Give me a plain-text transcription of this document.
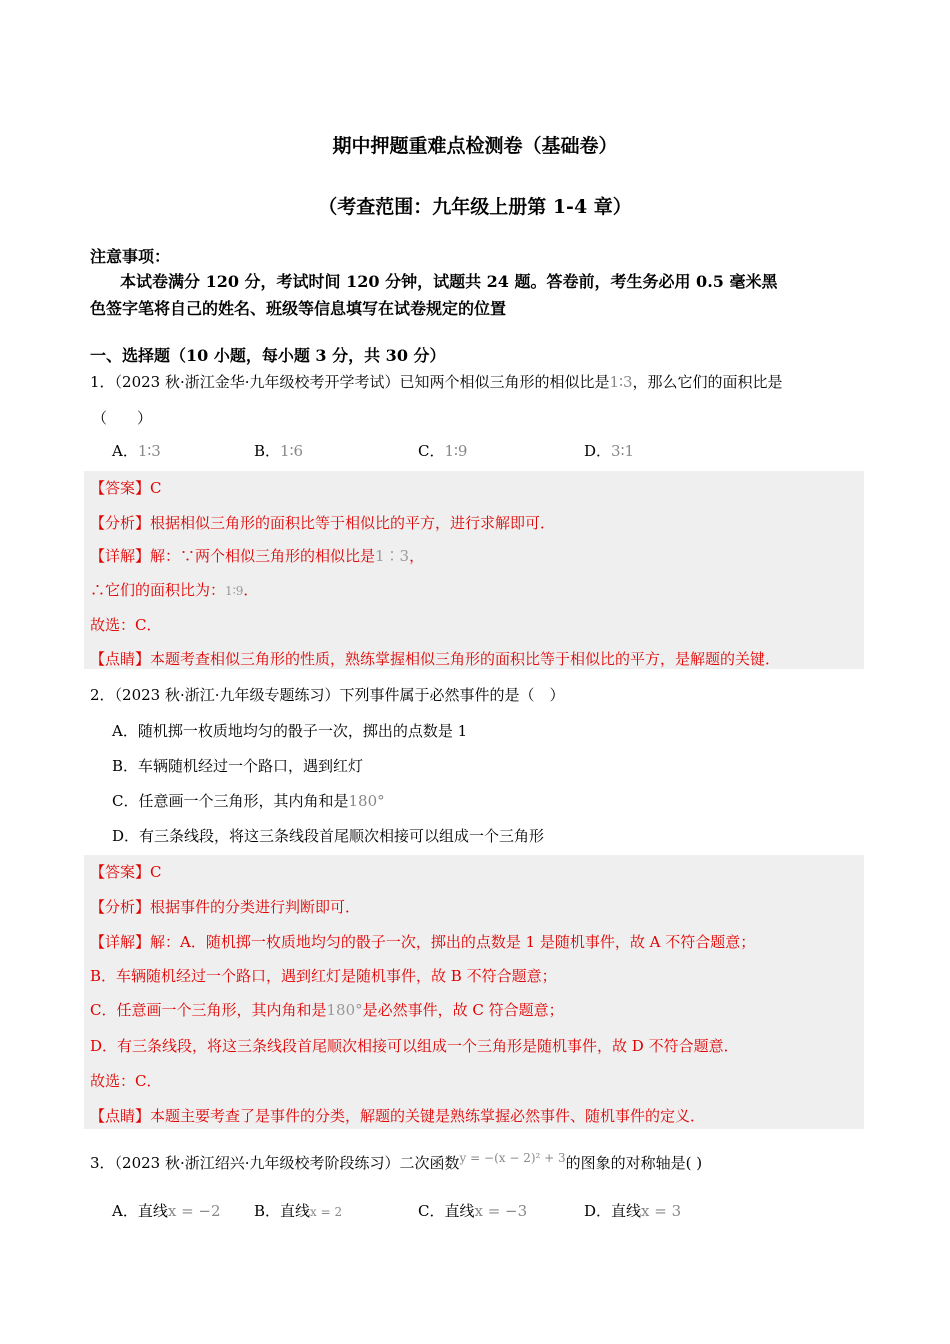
期中押题重难点检测卷（基础卷）
（考查范围：九年级上册第 1-4 章）
注意事项：
本试卷满分 120 分，考试时间 120 分钟，试题共 24 题。答卷前，考生务必用 0.5 毫米黑
色签字笔将自己的姓名、班级等信息填写在试卷规定的位置
一、选择题（10 小题，每小题 3 分，共 30 分）
1．（2023 秋·浙江金华·九年级校考开学考试）已知两个相似三角形的相似比是1∶3，那么它们的面积比是
（　　）
A．1∶3	B．1∶6	C．1∶9	D．3∶1
【答案】C
【分析】根据相似三角形的面积比等于相似比的平方，进行求解即可．
【详解】解：∵两个相似三角形的相似比是1∶3，
∴它们的面积比为：1∶9．
故选：C．
【点睛】本题考查相似三角形的性质，熟练掌握相似三角形的面积比等于相似比的平方，是解题的关键．
2．（2023 秋·浙江·九年级专题练习）下列事件属于必然事件的是（　）
A．随机掷一枚质地均匀的骰子一次，掷出的点数是 1
B．车辆随机经过一个路口，遇到红灯
C．任意画一个三角形，其内角和是180°
D．有三条线段，将这三条线段首尾顺次相接可以组成一个三角形
【答案】C
【分析】根据事件的分类进行判断即可．
【详解】解：A．随机掷一枚质地均匀的骰子一次，掷出的点数是 1 是随机事件，故 A 不符合题意；
B．车辆随机经过一个路口，遇到红灯是随机事件，故 B 不符合题意；
C．任意画一个三角形，其内角和是180°是必然事件，故 C 符合题意；
D．有三条线段，将这三条线段首尾顺次相接可以组成一个三角形是随机事件，故 D 不符合题意．
故选：C．
【点睛】本题主要考查了是事件的分类，解题的关键是熟练掌握必然事件、随机事件的定义．
3．（2023 秋·浙江绍兴·九年级校考阶段练习）二次函数$^{y = -(x - 2)^2 + 3}$的图象的对称轴是( )
A．直线x = −2 B．直线x = 2	C．直线x = −3	D．直线x = 3
